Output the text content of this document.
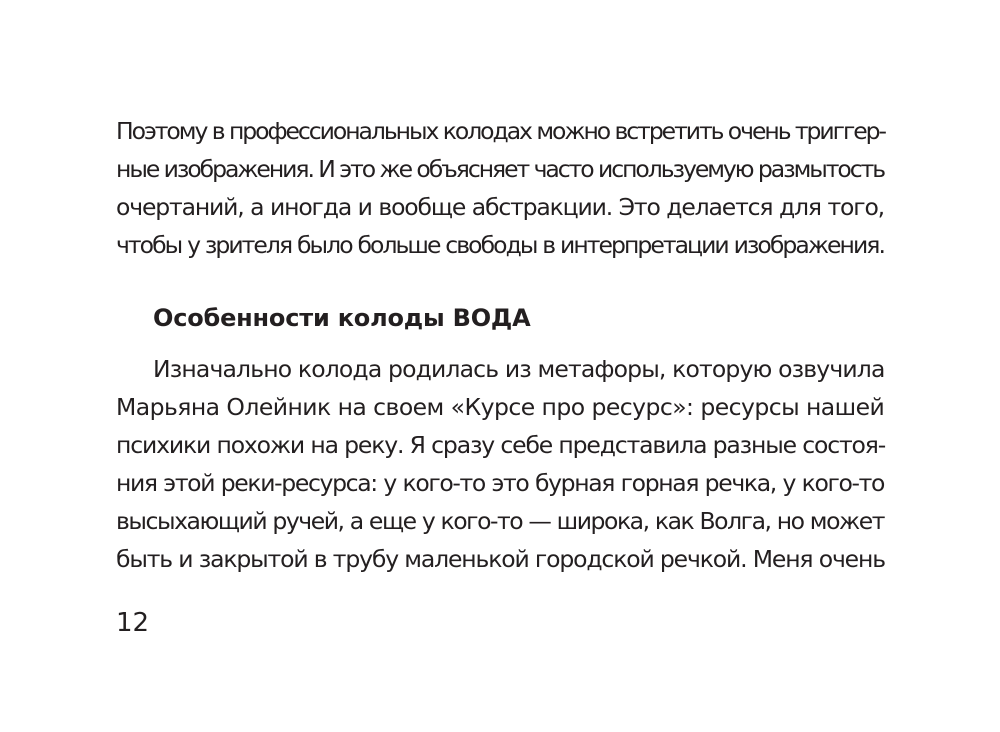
Поэтому в профессиональных колодах можно встретить очень триггер-
ные изображения. И это же объясняет часто используемую размытость
очертаний, а иногда и вообще абстракции. Это делается для того,
чтобы у зрителя было больше свободы в интерпретации изображения.
Особенности колоды ВОДА
Изначально колода родилась из метафоры, которую озвучила
Марьяна Олейник на своем «Курсе про ресурс»: ресурсы нашей
психики похожи на реку. Я сразу себе представила разные состоя-
ния этой реки-ресурса: у кого-то это бурная горная речка, у кого-то
высыхающий ручей, а еще у кого-то — широка, как Волга, но может
быть и закрытой в трубу маленькой городской речкой. Меня очень
12
